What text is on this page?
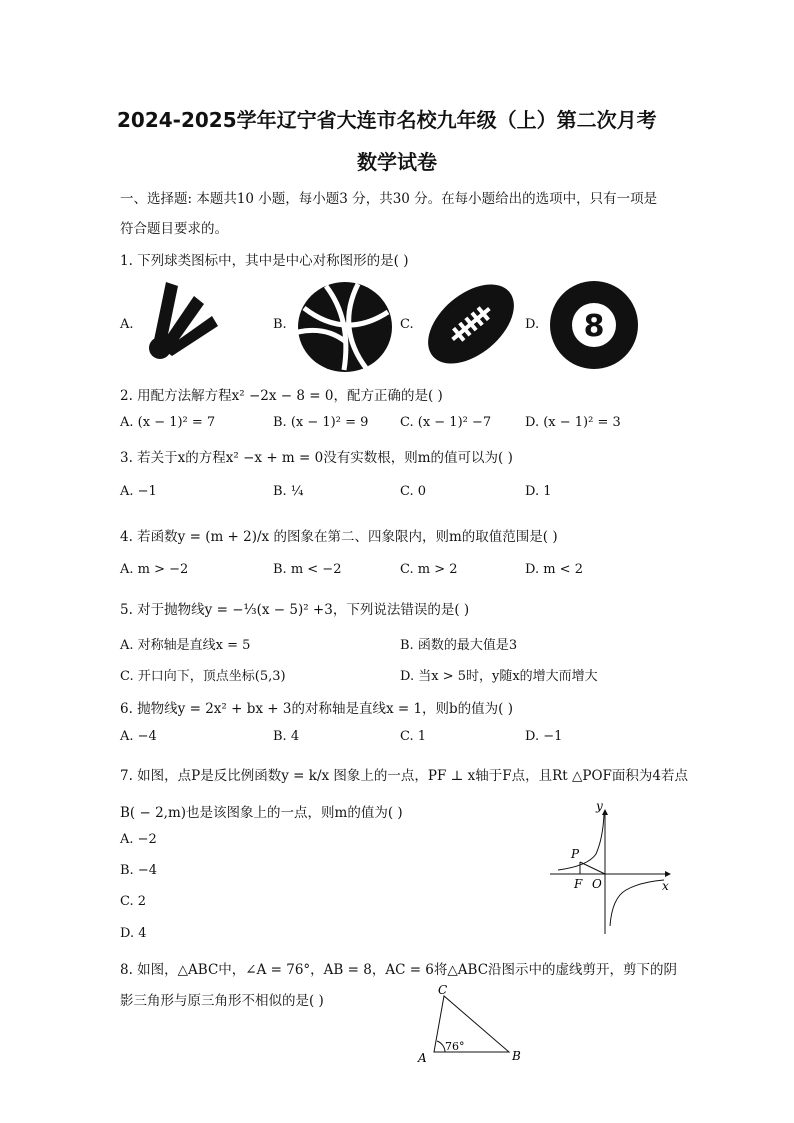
2024-2025学年辽宁省大连市名校九年级（上）第二次月考
数学试卷
一、选择题: 本题共10 小题，每小题3 分，共30 分。在每小题给出的选项中，只有一项是
符合题目要求的。
1. 下列球类图标中，其中是中心对称图形的是( )
A.	B.	C.	D. 8
2. 用配方法解方程x² −2x − 8 = 0，配方正确的是( )
A. (x − 1)² = 7	B. (x − 1)² = 9 C. (x − 1)² −7	D. (x − 1)² = 3
3. 若关于x的方程x² −x + m = 0没有实数根，则m的值可以为( )
A. −1	B. ¼	C. 0	D. 1
4. 若函数y = (m + 2)/x 的图象在第二、四象限内，则m的取值范围是( )
A. m > −2	B. m < −2	C. m > 2	D. m < 2
5. 对于抛物线y = −⅓(x − 5)² +3，下列说法错误的是( )
A. 对称轴是直线x = 5	B. 函数的最大值是3
C. 开口向下，顶点坐标(5,3)	D. 当x > 5时，y随x的增大而增大
6. 抛物线y = 2x² + bx + 3的对称轴是直线x = 1，则b的值为( )
A. −4	B. 4	C. 1	D. −1
7. 如图，点P是反比例函数y = k/x 图象上的一点，PF ⊥ x轴于F点，且Rt △POF面积为4若点
B( − 2,m)也是该图象上的一点，则m的值为( )
A. −2
B. −4
C. 2
D. 4
y
x
P
F O
8. 如图，△ABC中，∠A = 76°，AB = 8，AC = 6将△ABC沿图示中的虚线剪开，剪下的阴
影三角形与原三角形不相似的是( )
C
A	B
76°
